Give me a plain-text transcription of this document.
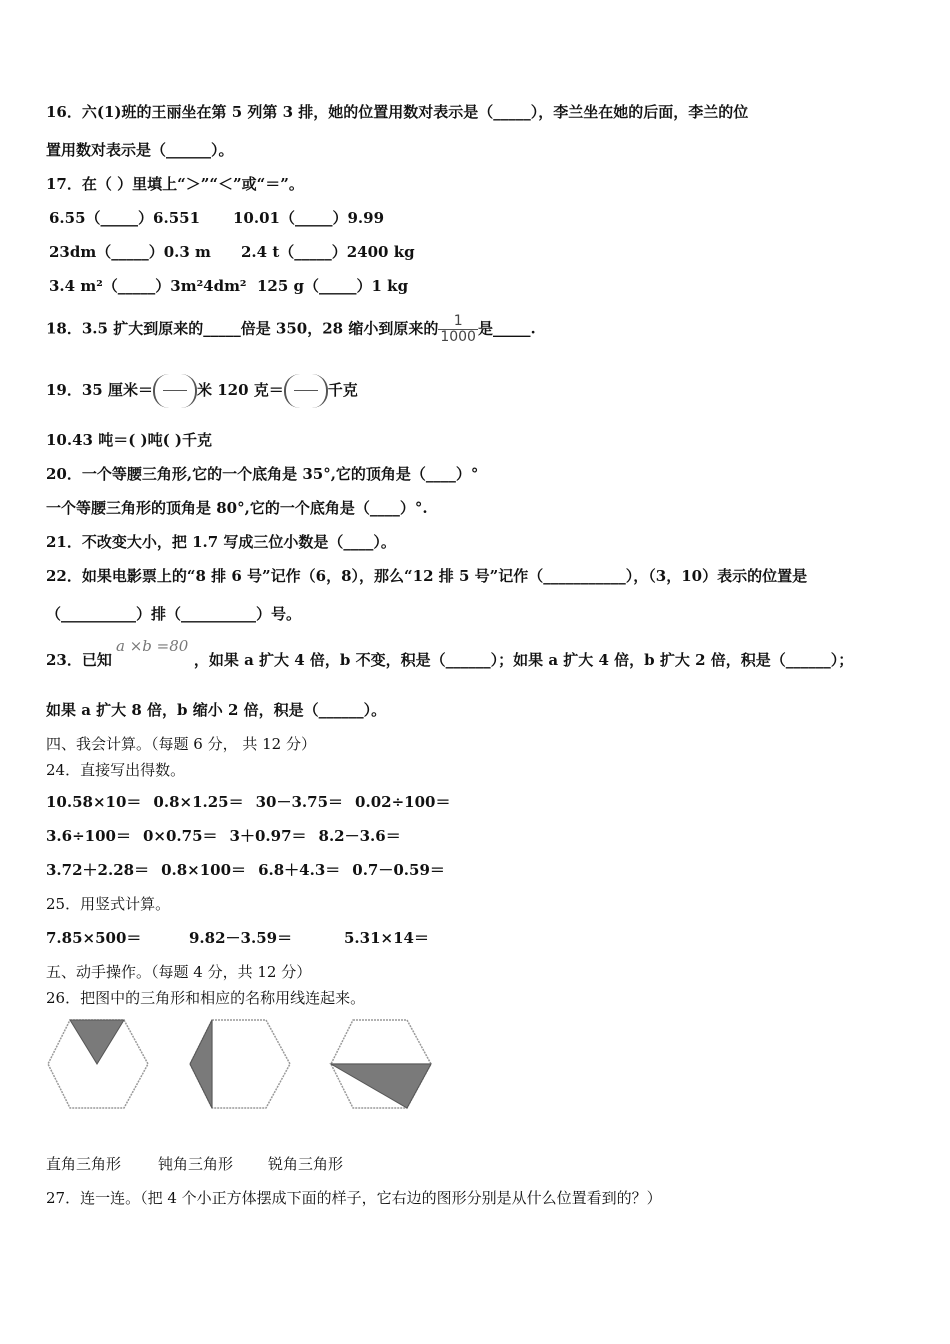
16．六(1)班的王丽坐在第 5 列第 3 排，她的位置用数对表示是（_____），李兰坐在她的后面，李兰的位
置用数对表示是（______）。
17．在（ ）里填上“＞”“＜”或“＝”。
6.55（_____）6.551 10.01（_____）9.99
23dm（_____）0.3 m 2.4 t（_____）2400 kg
3.4 m²（_____）3m²4dm² 125 g（_____）1 kg
18．3.5 扩大到原来的_____倍是 350，28 缩小到原来的 $\frac{1}{1000}$ 是_____.
19．35 厘米＝	米 120 克＝	千克
10.43 吨＝( )吨( )千克
20．一个等腰三角形,它的一个底角是 35°,它的顶角是（____）°
一个等腰三角形的顶角是 80°,它的一个底角是（____）°.
21．不改变大小，把 1.7 写成三位小数是（____）。
22．如果电影票上的“8 排 6 号”记作（6，8），那么“12 排 5 号”记作（___________），（3，10）表示的位置是
（__________）排（__________）号。
a ×b =80
23．已知	，如果 a 扩大 4 倍，b 不变，积是（______）；如果 a 扩大 4 倍，b 扩大 2 倍，积是（______）；
如果 a 扩大 8 倍，b 缩小 2 倍，积是（______）。
四、我会计算。（每题 6 分， 共 12 分）
24．直接写出得数。
10.58×10＝ 0.8×1.25＝ 30－3.75＝ 0.02÷100＝
3.6÷100＝ 0×0.75＝ 3＋0.97＝ 8.2－3.6＝
3.72＋2.28＝ 0.8×100＝ 6.8＋4.3＝ 0.7－0.59＝
25．用竖式计算。
7.85×500＝	9.82－3.59＝	5.31×14＝
五、动手操作。（每题 4 分，共 12 分）
26．把图中的三角形和相应的名称用线连起来。
直角三角形 钝角三角形 锐角三角形
27．连一连。（把 4 个小正方体摆成下面的样子，它右边的图形分别是从什么位置看到的？）
